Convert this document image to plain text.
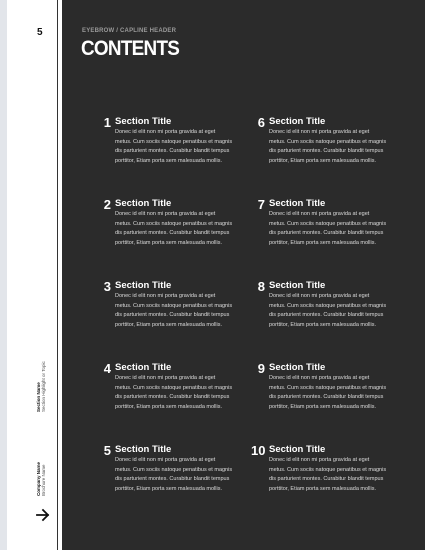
5
Section Name Section Highlight or Topic
Company Name Brochure Name
EYEBROW / CAPLINE HEADER
CONTENTS
1 Section Title
Donec id elit non mi porta gravida at eget metus. Cum sociis natoque penatibus et magnis dis parturient montes. Curabitur blandit tempus porttitor, Etiam porta sem malesuada mollis.
2 Section Title
Donec id elit non mi porta gravida at eget metus. Cum sociis natoque penatibus et magnis dis parturient montes. Curabitur blandit tempus porttitor, Etiam porta sem malesuada mollis.
3 Section Title
Donec id elit non mi porta gravida at eget metus. Cum sociis natoque penatibus et magnis dis parturient montes. Curabitur blandit tempus porttitor, Etiam porta sem malesuada mollis.
4 Section Title
Donec id elit non mi porta gravida at eget metus. Cum sociis natoque penatibus et magnis dis parturient montes. Curabitur blandit tempus porttitor, Etiam porta sem malesuada mollis.
5 Section Title
Donec id elit non mi porta gravida at eget metus. Cum sociis natoque penatibus et magnis dis parturient montes. Curabitur blandit tempus porttitor, Etiam porta sem malesuada mollis.
6 Section Title
Donec id elit non mi porta gravida at eget metus. Cum sociis natoque penatibus et magnis dis parturient montes. Curabitur blandit tempus porttitor, Etiam porta sem malesuada mollis.
7 Section Title
Donec id elit non mi porta gravida at eget metus. Cum sociis natoque penatibus et magnis dis parturient montes. Curabitur blandit tempus porttitor, Etiam porta sem malesuada mollis.
8 Section Title
Donec id elit non mi porta gravida at eget metus. Cum sociis natoque penatibus et magnis dis parturient montes. Curabitur blandit tempus porttitor, Etiam porta sem malesuada mollis.
9 Section Title
Donec id elit non mi porta gravida at eget metus. Cum sociis natoque penatibus et magnis dis parturient montes. Curabitur blandit tempus porttitor, Etiam porta sem malesuada mollis.
10 Section Title
Donec id elit non mi porta gravida at eget metus. Cum sociis natoque penatibus et magnis dis parturient montes. Curabitur blandit tempus porttitor, Etiam porta sem malesuada mollis.
